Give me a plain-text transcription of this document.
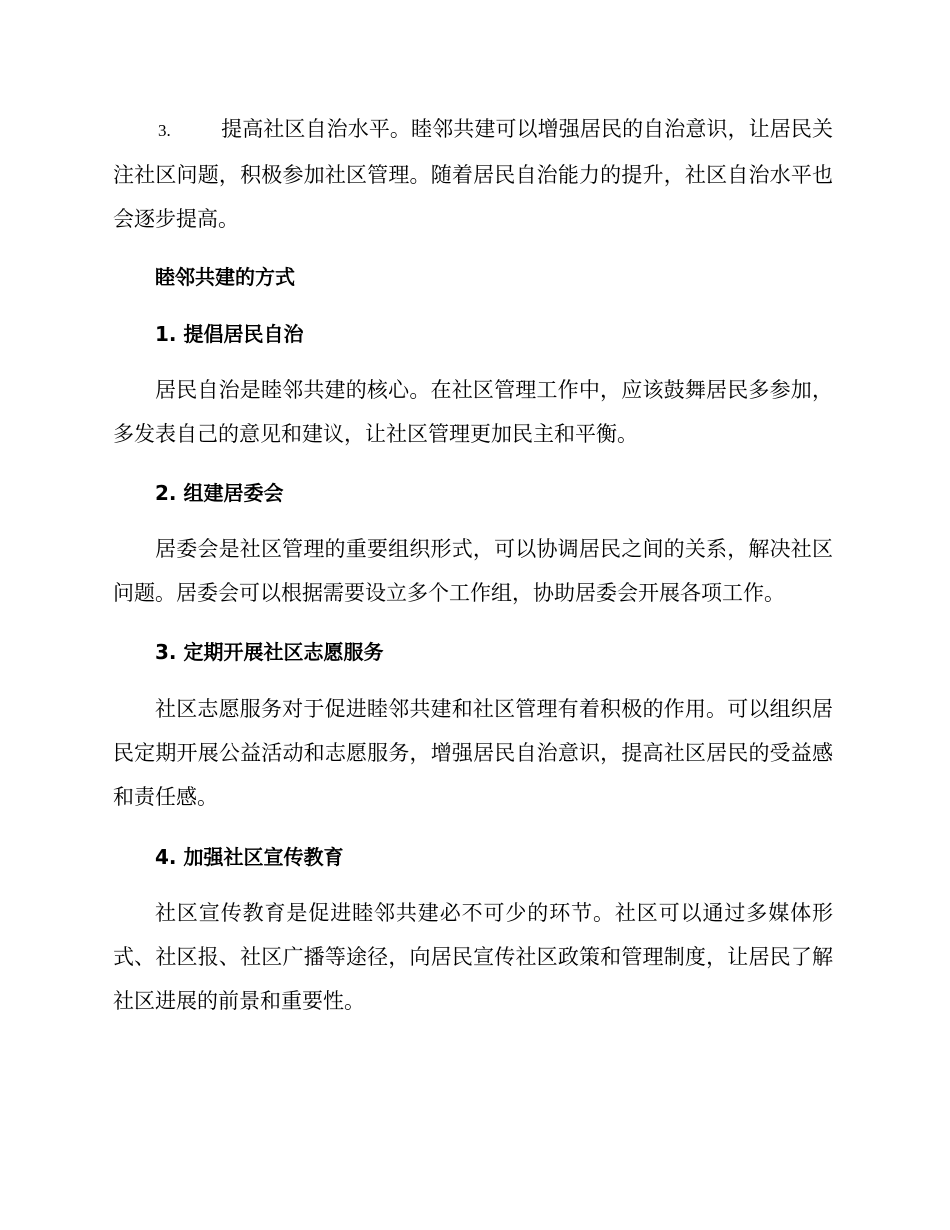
3. 提高社区自治水平。睦邻共建可以增强居民的自治意识，让居民关注社区问题，积极参加社区管理。随着居民自治能力的提升，社区自治水平也会逐步提高。

睦邻共建的方式
1. 提倡居民自治

居民自治是睦邻共建的核心。在社区管理工作中，应该鼓舞居民多参加，多发表自己的意见和建议，让社区管理更加民主和平衡。

2. 组建居委会

居委会是社区管理的重要组织形式，可以协调居民之间的关系，解决社区问题。居委会可以根据需要设立多个工作组，协助居委会开展各项工作。

3. 定期开展社区志愿服务

社区志愿服务对于促进睦邻共建和社区管理有着积极的作用。可以组织居民定期开展公益活动和志愿服务，增强居民自治意识，提高社区居民的受益感和责任感。

4. 加强社区宣传教育

社区宣传教育是促进睦邻共建必不可少的环节。社区可以通过多媒体形式、社区报、社区广播等途径，向居民宣传社区政策和管理制度，让居民了解社区进展的前景和重要性。
